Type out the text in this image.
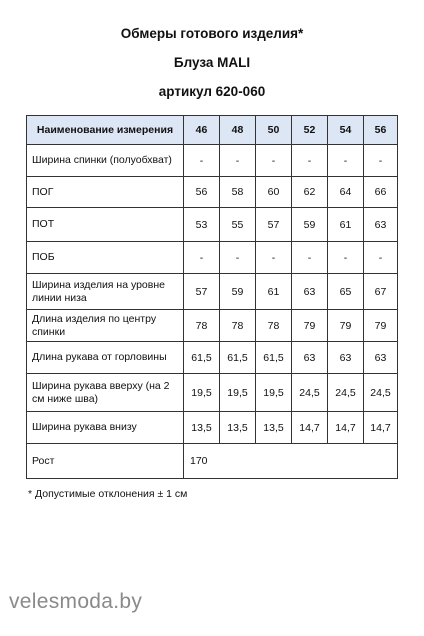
Обмеры готового изделия*
Блуза MALI
артикул 620-060
Наименование измерения	46	48	50	52	54	56
Ширина спинки (полуобхват)	-	-	-	-	-	-
ПОГ	56	58	60	62	64	66
ПОТ	53	55	57	59	61	63
ПОБ	-	-	-	-	-	-
Ширина изделия на уровне линии низа	57	59	61	63	65	67
Длина изделия по центру спинки	78	78	78	79	79	79
Длина рукава от горловины	61,5	61,5	61,5	63	63	63
Ширина рукава вверху (на 2 см ниже шва)	19,5	19,5	19,5	24,5	24,5	24,5
Ширина рукава внизу	13,5	13,5	13,5	14,7	14,7	14,7
Рост	170					
* Допустимые отклонения ± 1 см
velesmoda.by
